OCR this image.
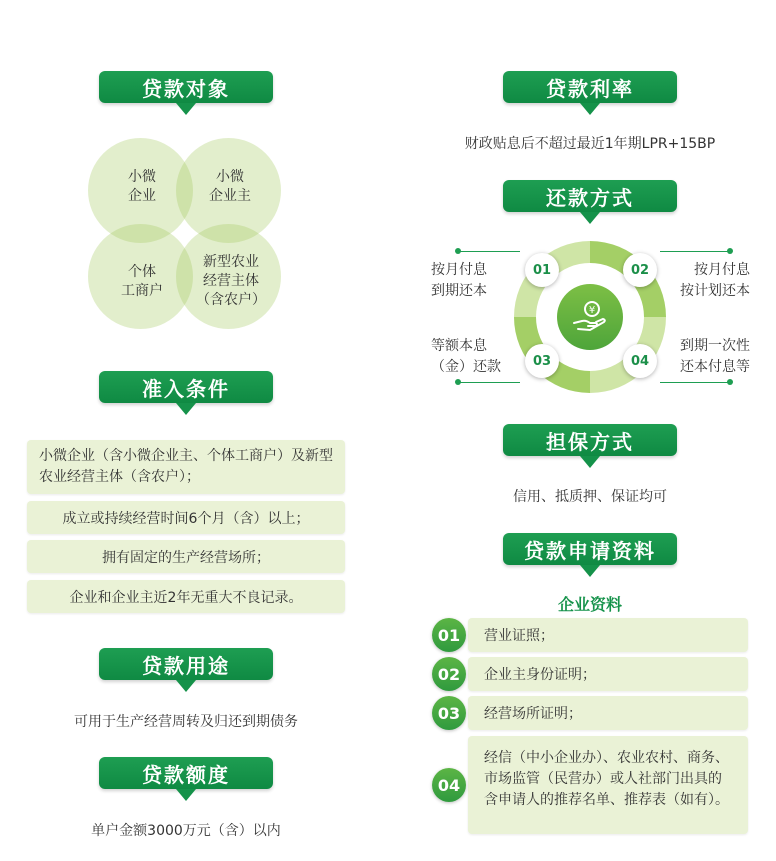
贷款对象
小微
企业
小微
企业主
个体
工商户
新型农业
经营主体
（含农户）
准入条件
小微企业（含小微企业主、个体工商户）及新型农业经营主体（含农户）；
成立或持续经营时间6个月（含）以上；
拥有固定的生产经营场所；
企业和企业主近2年无重大不良记录。
贷款用途
可用于生产经营周转及归还到期债务
贷款额度
单户金额3000万元（含）以内
贷款利率
财政贴息后不超过最近1年期LPR+15BP
还款方式
¥
01	02
03	04
按月付息
到期还本
按月付息
按计划还本
等额本息
（金）还款
到期一次性
还本付息等
担保方式
信用、抵质押、保证均可
贷款申请资料
企业资料
营业证照；
01
企业主身份证明；
02
经营场所证明；
03
经信（中小企业办）、农业农村、商务、市场监管（民营办）或人社部门出具的含申请人的推荐名单、推荐表（如有）。
04
